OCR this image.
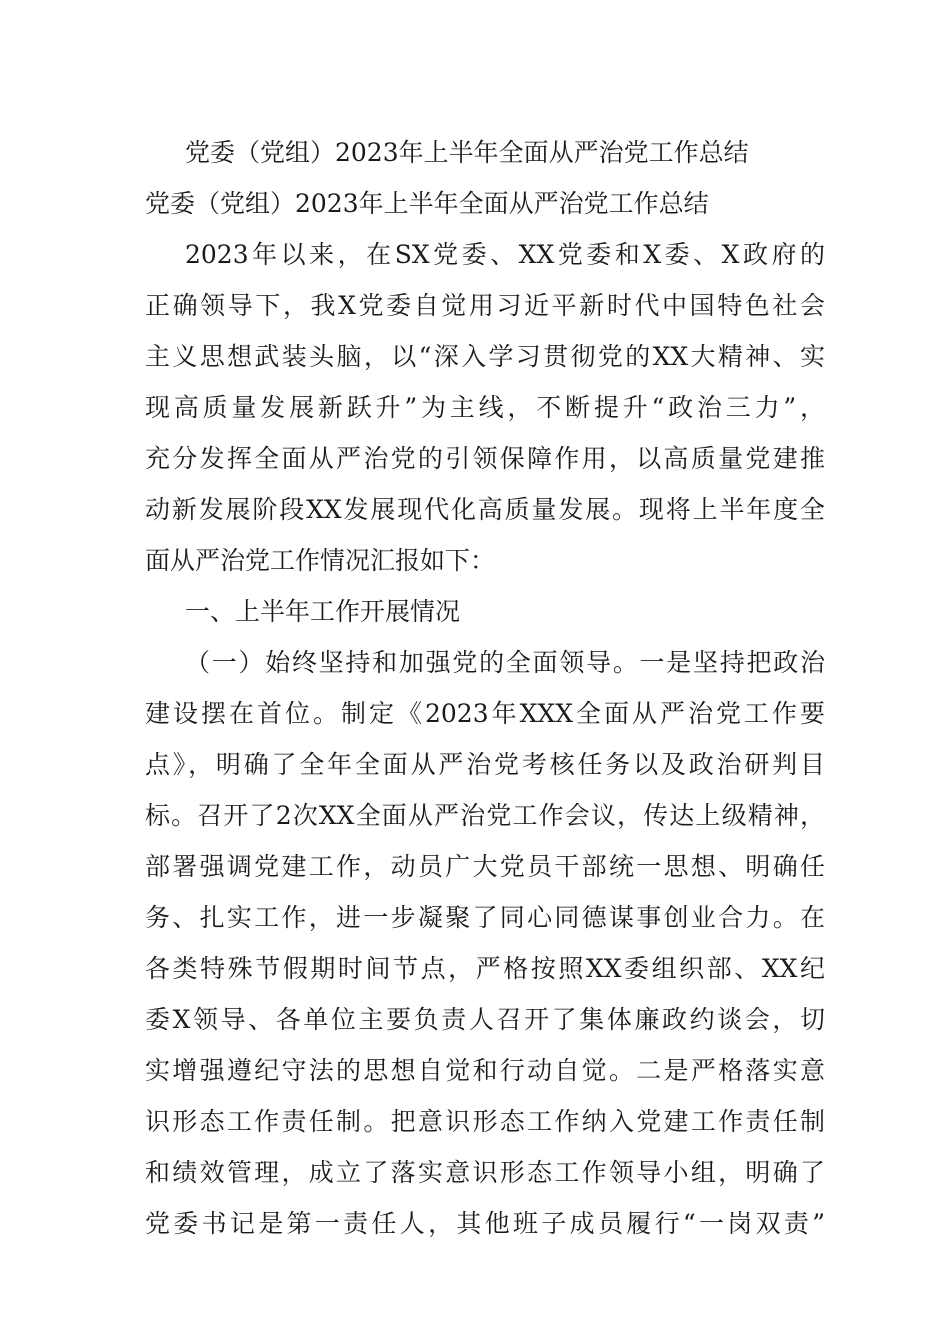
党委（党组）2023年上半年全面从严治党工作总结
党委（党组）2023年上半年全面从严治党工作总结
2023年以来，在SX党委、XX党委和X委、X政府的
正确领导下，我X党委自觉用习近平新时代中国特色社会
主义思想武装头脑，以“深入学习贯彻党的XX大精神、实
现高质量发展新跃升”为主线，不断提升“政治三力”，
充分发挥全面从严治党的引领保障作用，以高质量党建推
动新发展阶段XX发展现代化高质量发展。现将上半年度全
面从严治党工作情况汇报如下：
一、上半年工作开展情况
（一）始终坚持和加强党的全面领导。一是坚持把政治
建设摆在首位。制定《2023年XXX全面从严治党工作要
点》，明确了全年全面从严治党考核任务以及政治研判目
标。召开了2次XX全面从严治党工作会议，传达上级精神，
部署强调党建工作，动员广大党员干部统一思想、明确任
务、扎实工作，进一步凝聚了同心同德谋事创业合力。在
各类特殊节假期时间节点，严格按照XX委组织部、XX纪
委X领导、各单位主要负责人召开了集体廉政约谈会，切
实增强遵纪守法的思想自觉和行动自觉。二是严格落实意
识形态工作责任制。把意识形态工作纳入党建工作责任制
和绩效管理，成立了落实意识形态工作领导小组，明确了
党委书记是第一责任人，其他班子成员履行“一岗双责”
